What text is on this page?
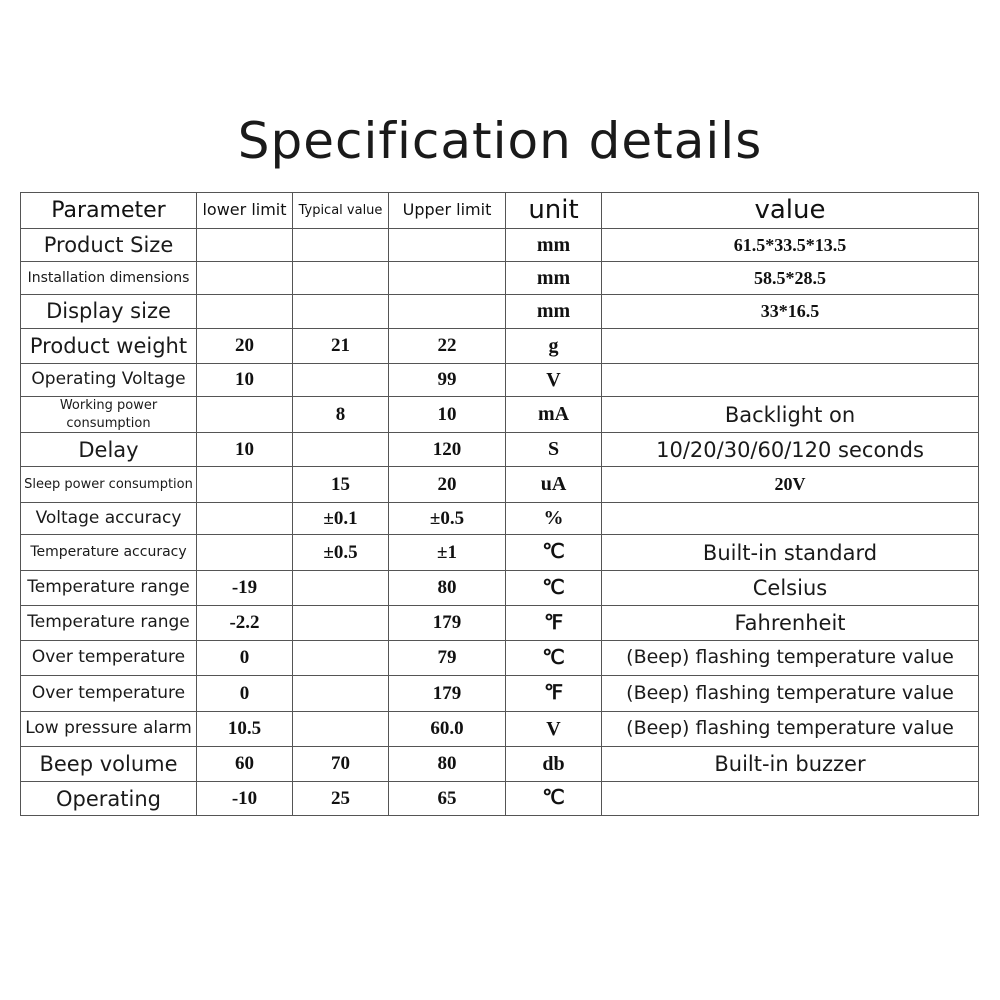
Specification details
Parameter	lower limit	Typical value	Upper limit	unit	value
Product Size				mm	61.5*33.5*13.5
Installation dimensions				mm	58.5*28.5
Display size				mm	33*16.5
Product weight	20	21	22	g	
Operating Voltage	10		99	V	
Working power consumption		8	10	mA	Backlight on
Delay	10		120	S	10/20/30/60/120 seconds
Sleep power consumption		15	20	uA	20V
Voltage accuracy		±0.1	±0.5	%	
Temperature accuracy		±0.5	±1	℃	Built-in standard
Temperature range	-19		80	℃	Celsius
Temperature range	-2.2		179	℉	Fahrenheit
Over temperature	0		79	℃	(Beep) flashing temperature value
Over temperature	0		179	℉	(Beep) flashing temperature value
Low pressure alarm	10.5		60.0	V	(Beep) flashing temperature value
Beep volume	60	70	80	db	Built-in buzzer
Operating	-10	25	65	℃	
